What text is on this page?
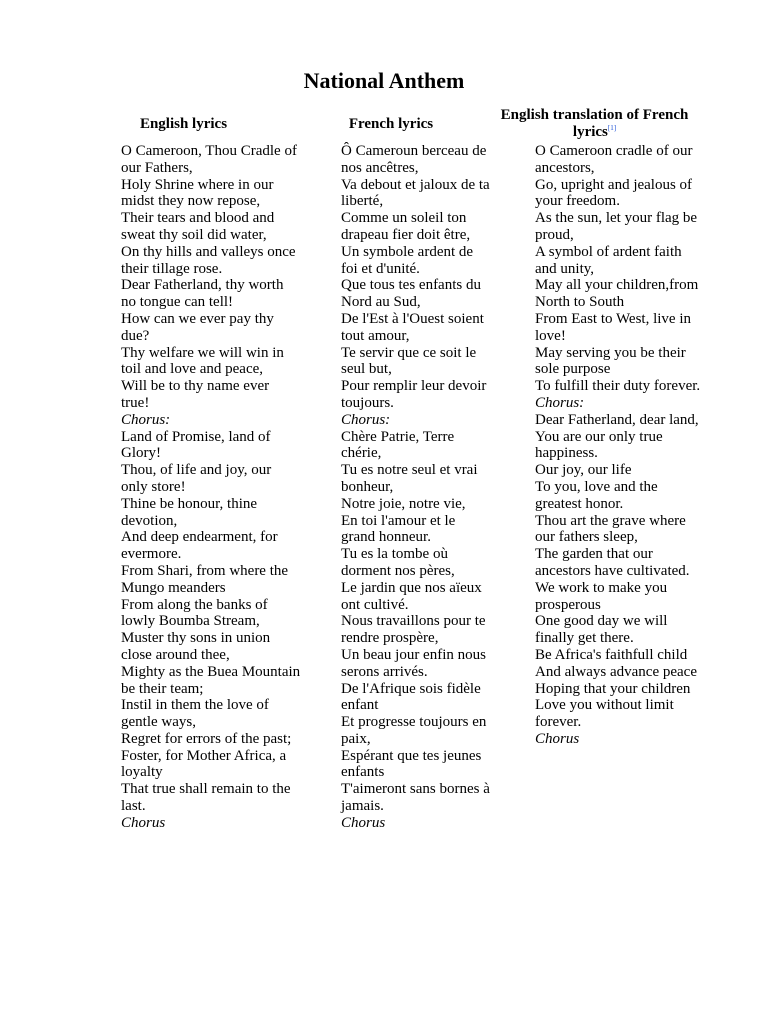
National Anthem
English lyrics	French lyrics
English translation of French lyrics[1]
O Cameroon, Thou Cradle of our Fathers,
Holy Shrine where in our midst they now repose,
Their tears and blood and sweat thy soil did water,
On thy hills and valleys once their tillage rose.
Dear Fatherland, thy worth no tongue can tell!
How can we ever pay thy due?
Thy welfare we will win in toil and love and peace,
Will be to thy name ever true!
Chorus:
Land of Promise, land of Glory!
Thou, of life and joy, our only store!
Thine be honour, thine devotion,
And deep endearment, for evermore.
From Shari, from where the Mungo meanders
From along the banks of lowly Boumba Stream,
Muster thy sons in union close around thee,
Mighty as the Buea Mountain be their team;
Instil in them the love of gentle ways,
Regret for errors of the past;
Foster, for Mother Africa, a loyalty
That true shall remain to the last.
Chorus
Ô Cameroun berceau de nos ancêtres,
Va debout et jaloux de ta liberté,
Comme un soleil ton drapeau fier doit être,
Un symbole ardent de foi et d'unité.
Que tous tes enfants du Nord au Sud,
De l'Est à l'Ouest soient tout amour,
Te servir que ce soit le seul but,
Pour remplir leur devoir toujours.
Chorus:
Chère Patrie, Terre chérie,
Tu es notre seul et vrai bonheur,
Notre joie, notre vie,
En toi l'amour et le grand honneur.
Tu es la tombe où dorment nos pères,
Le jardin que nos aïeux ont cultivé.
Nous travaillons pour te rendre prospère,
Un beau jour enfin nous serons arrivés.
De l'Afrique sois fidèle enfant
Et progresse toujours en paix,
Espérant que tes jeunes enfants
T'aimeront sans bornes à jamais.
Chorus
O Cameroon cradle of our ancestors,
Go, upright and jealous of your freedom.
As the sun, let your flag be proud,
A symbol of ardent faith and unity,
May all your children,from North to South
From East to West, live in love!
May serving you be their sole purpose
To fulfill their duty forever.
Chorus:
Dear Fatherland, dear land,
You are our only true happiness.
Our joy, our life
To you, love and the greatest honor.
Thou art the grave where our fathers sleep,
The garden that our ancestors have cultivated.
We work to make you prosperous
One good day we will finally get there.
Be Africa's faithfull child
And always advance peace
Hoping that your children
Love you without limit forever.
Chorus
